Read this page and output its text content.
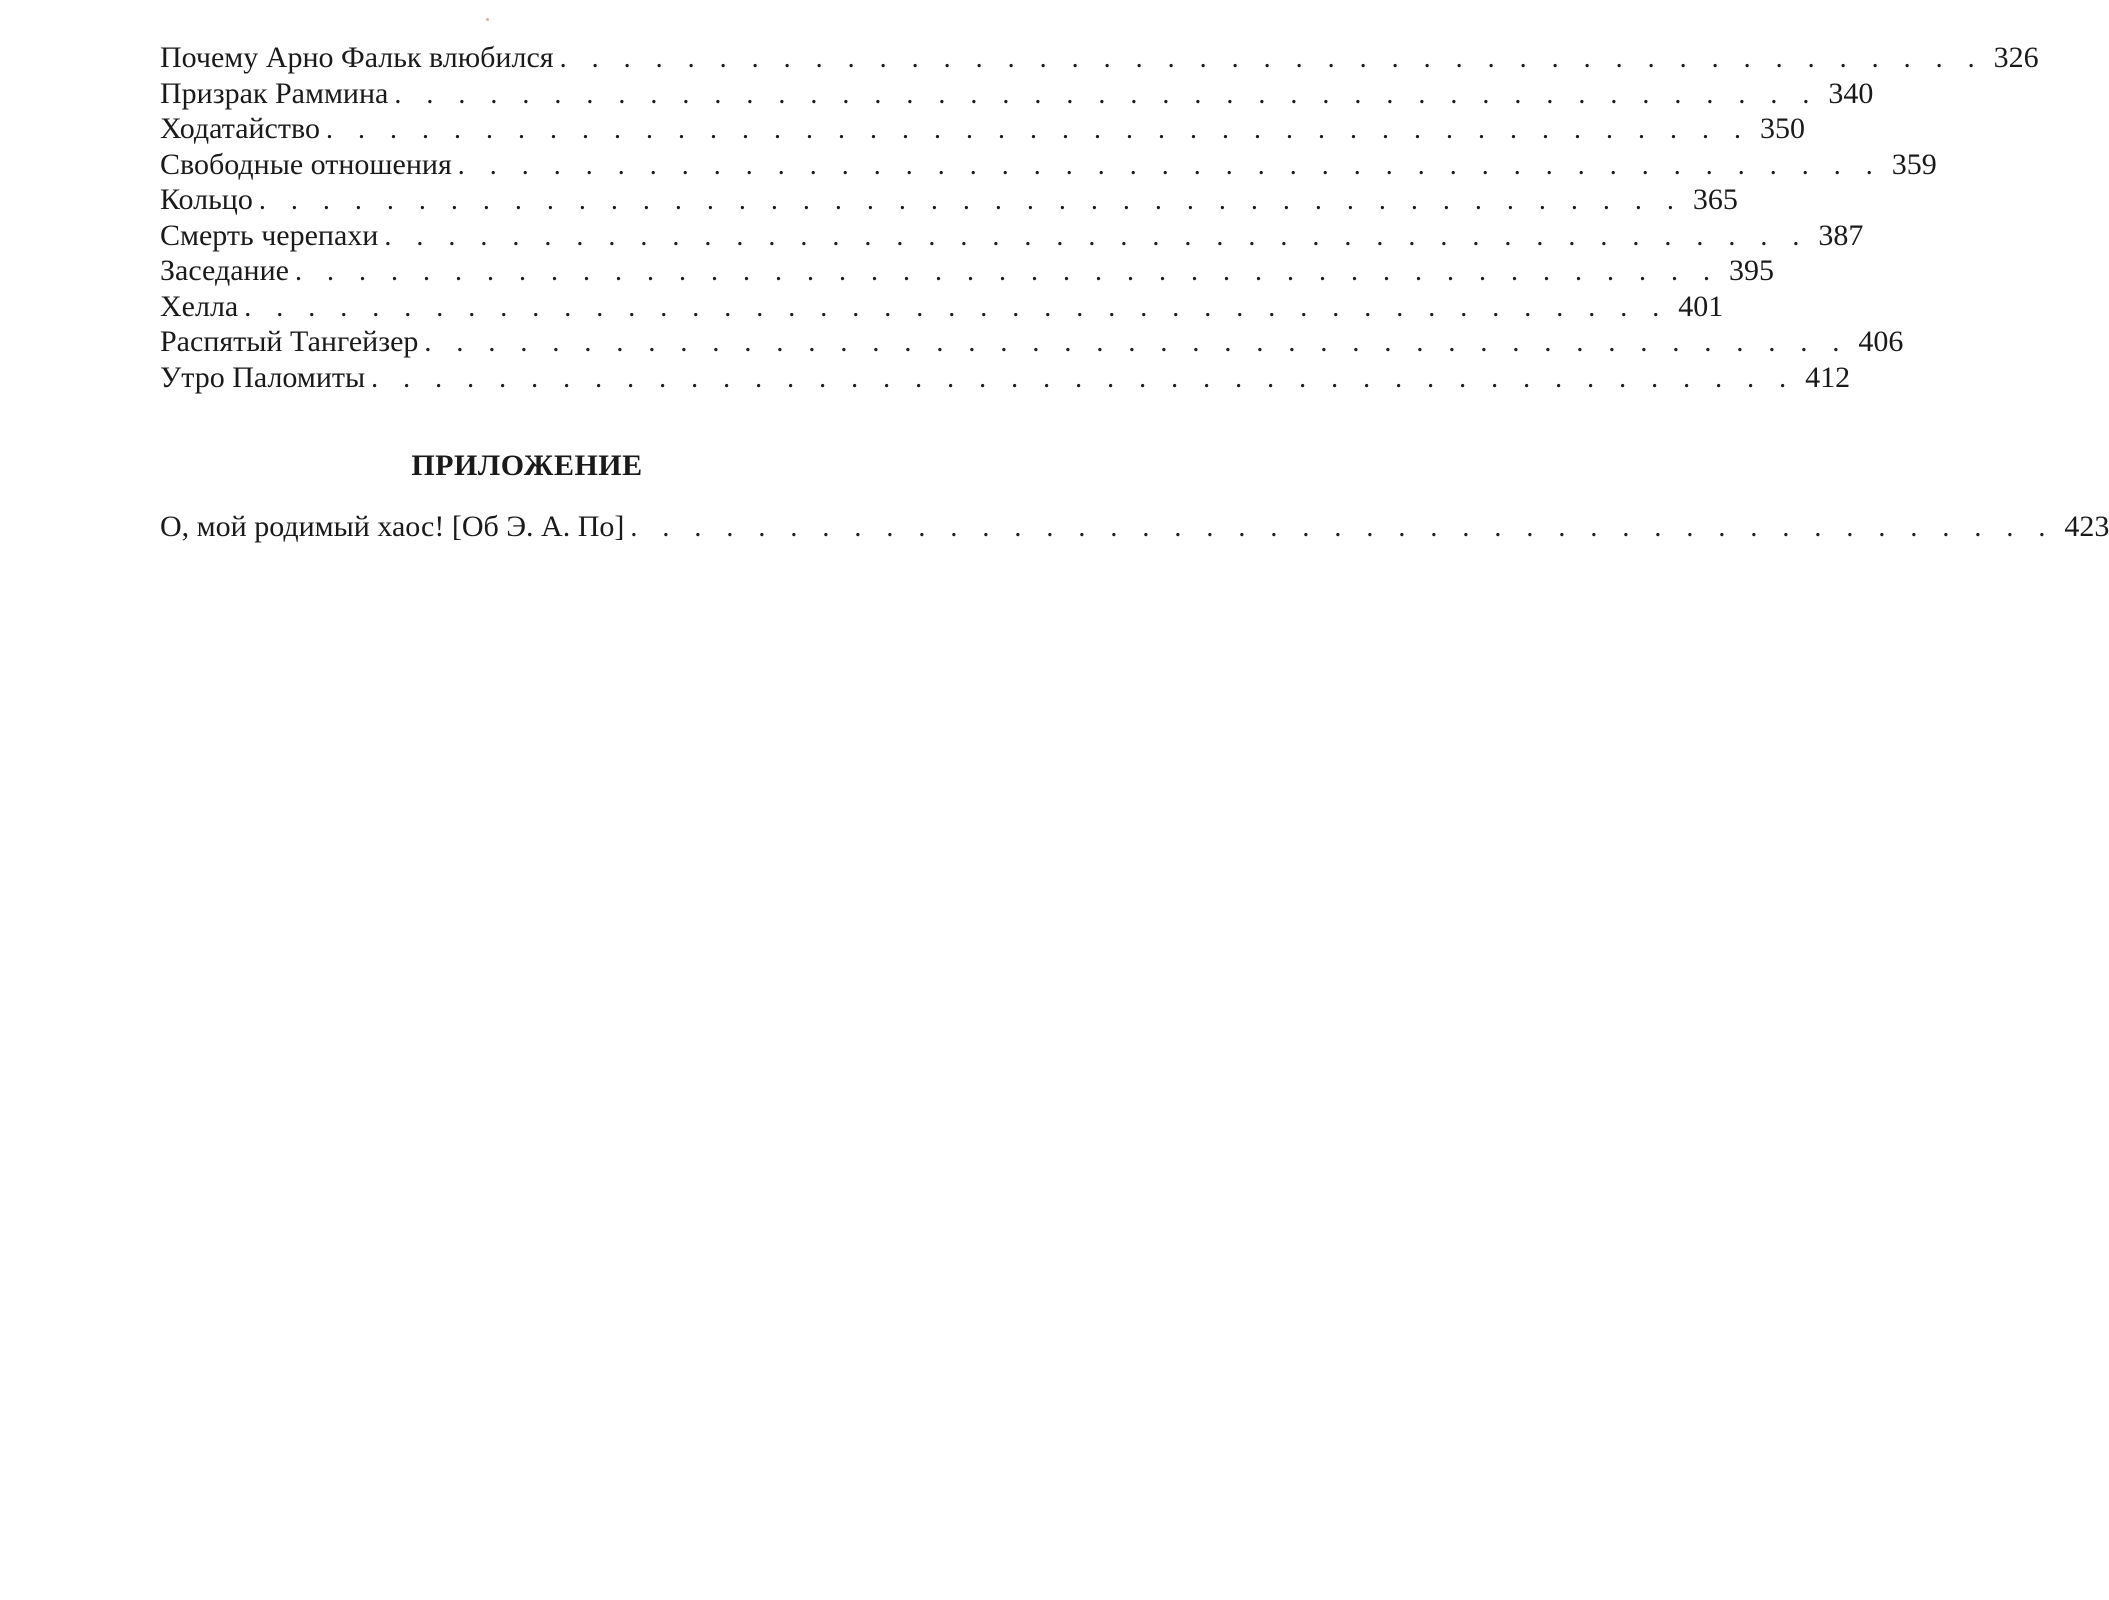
Почему Арно Фальк влюбился . . . . . . . . . . . . . . . . . . . . . . . . . . . . . . . . . . . . . . . . . . . . . 326
Призрак Раммина . . . . . . . . . . . . . . . . . . . . . . . . . . . . . . . . . . . . . . . . . . . . . 340
Ходатайство . . . . . . . . . . . . . . . . . . . . . . . . . . . . . . . . . . . . . . . . . . . . . 350
Свободные отношения . . . . . . . . . . . . . . . . . . . . . . . . . . . . . . . . . . . . . . . . . . . . . 359
Кольцо . . . . . . . . . . . . . . . . . . . . . . . . . . . . . . . . . . . . . . . . . . . . . 365
Смерть черепахи . . . . . . . . . . . . . . . . . . . . . . . . . . . . . . . . . . . . . . . . . . . . . 387
Заседание . . . . . . . . . . . . . . . . . . . . . . . . . . . . . . . . . . . . . . . . . . . . . 395
Хелла . . . . . . . . . . . . . . . . . . . . . . . . . . . . . . . . . . . . . . . . . . . . . 401
Распятый Тангейзер . . . . . . . . . . . . . . . . . . . . . . . . . . . . . . . . . . . . . . . . . . . . . 406
Утро Паломиты . . . . . . . . . . . . . . . . . . . . . . . . . . . . . . . . . . . . . . . . . . . . . 412
ПРИЛОЖЕНИЕ
О, мой родимый хаос! [Об Э. А. По] . . . . . . . . . . . . . . . . . . . . . . . . . . . . . . . . . . . . . . . . . . . . . 423
